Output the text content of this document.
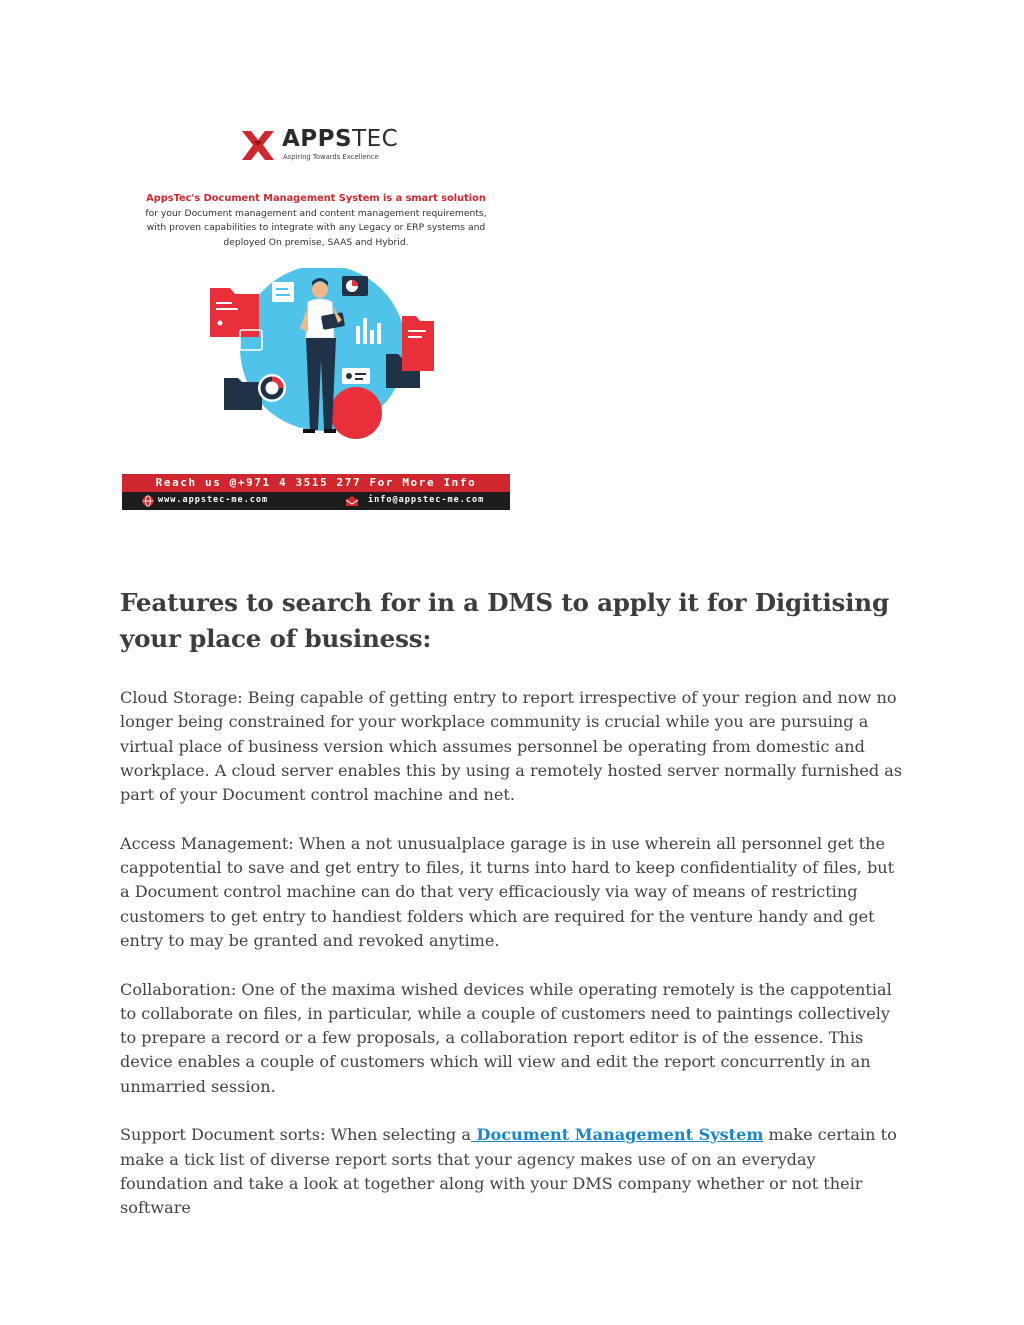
APPSTEC
Aspiring Towards Excellence
AppsTec's Document Management System is a smart solution
for your Document management and content management requirements,
with proven capabilities to integrate with any Legacy or ERP systems and
deployed On premise, SAAS and Hybrid.
Reach us @+971 4 3515 277 For More Info
www.appstec-me.com	info@appstec-me.com
Features to search for in a DMS to apply it for Digitising your place of business:

Cloud Storage: Being capable of getting entry to report irrespective of your region and now no longer being constrained for your workplace community is crucial while you are pursuing a virtual place of business version which assumes personnel be operating from domestic and workplace. A cloud server enables this by using a remotely hosted server normally furnished as part of your Document control machine and net.

Access Management: When a not unusualplace garage is in use wherein all personnel get the cappotential to save and get entry to files, it turns into hard to keep confidentiality of files, but a Document control machine can do that very efficaciously via way of means of restricting customers to get entry to handiest folders which are required for the venture handy and get entry to may be granted and revoked anytime.

Collaboration: One of the maxima wished devices while operating remotely is the cappotential to collaborate on files, in particular, while a couple of customers need to paintings collectively to prepare a record or a few proposals, a collaboration report editor is of the essence. This device enables a couple of customers which will view and edit the report concurrently in an unmarried session.

Support Document sorts: When selecting a Document Management System make certain to make a tick list of diverse report sorts that your agency makes use of on an everyday foundation and take a look at together along with your DMS company whether or not their software
